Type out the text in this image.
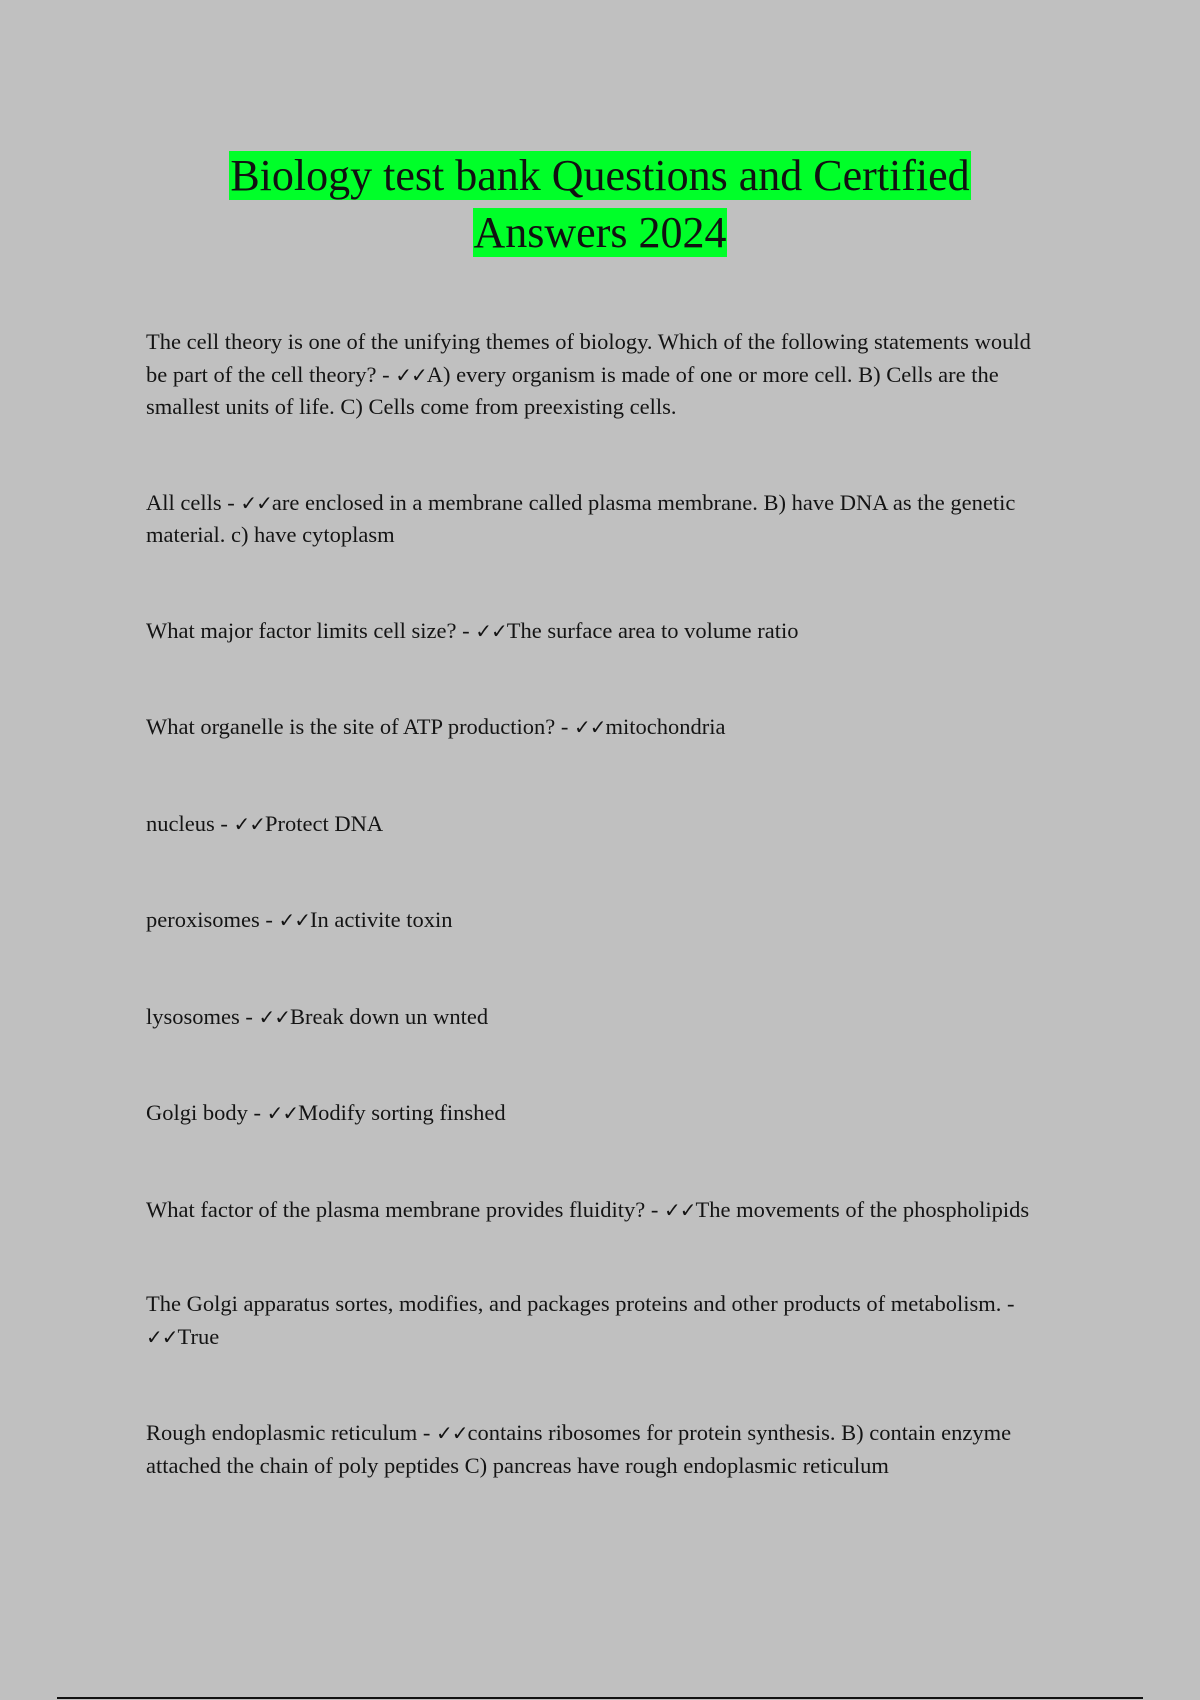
Biology test bank Questions and Certified
Answers 2024

The cell theory is one of the unifying themes of biology. Which of the following statements would be part of the cell theory? - ✓✓A) every organism is made of one or more cell. B) Cells are the smallest units of life. C) Cells come from preexisting cells.

All cells - ✓✓are enclosed in a membrane called plasma membrane. B) have DNA as the genetic material. c) have cytoplasm

What major factor limits cell size? - ✓✓The surface area to volume ratio

What organelle is the site of ATP production? - ✓✓mitochondria

nucleus - ✓✓Protect DNA

peroxisomes - ✓✓In activite toxin

lysosomes - ✓✓Break down un wnted

Golgi body - ✓✓Modify sorting finshed

What factor of the plasma membrane provides fluidity? - ✓✓The movements of the phospholipids

The Golgi apparatus sortes, modifies, and packages proteins and other products of metabolism. - ✓✓True

Rough endoplasmic reticulum - ✓✓contains ribosomes for protein synthesis. B) contain enzyme attached the chain of poly peptides C) pancreas have rough endoplasmic reticulum
